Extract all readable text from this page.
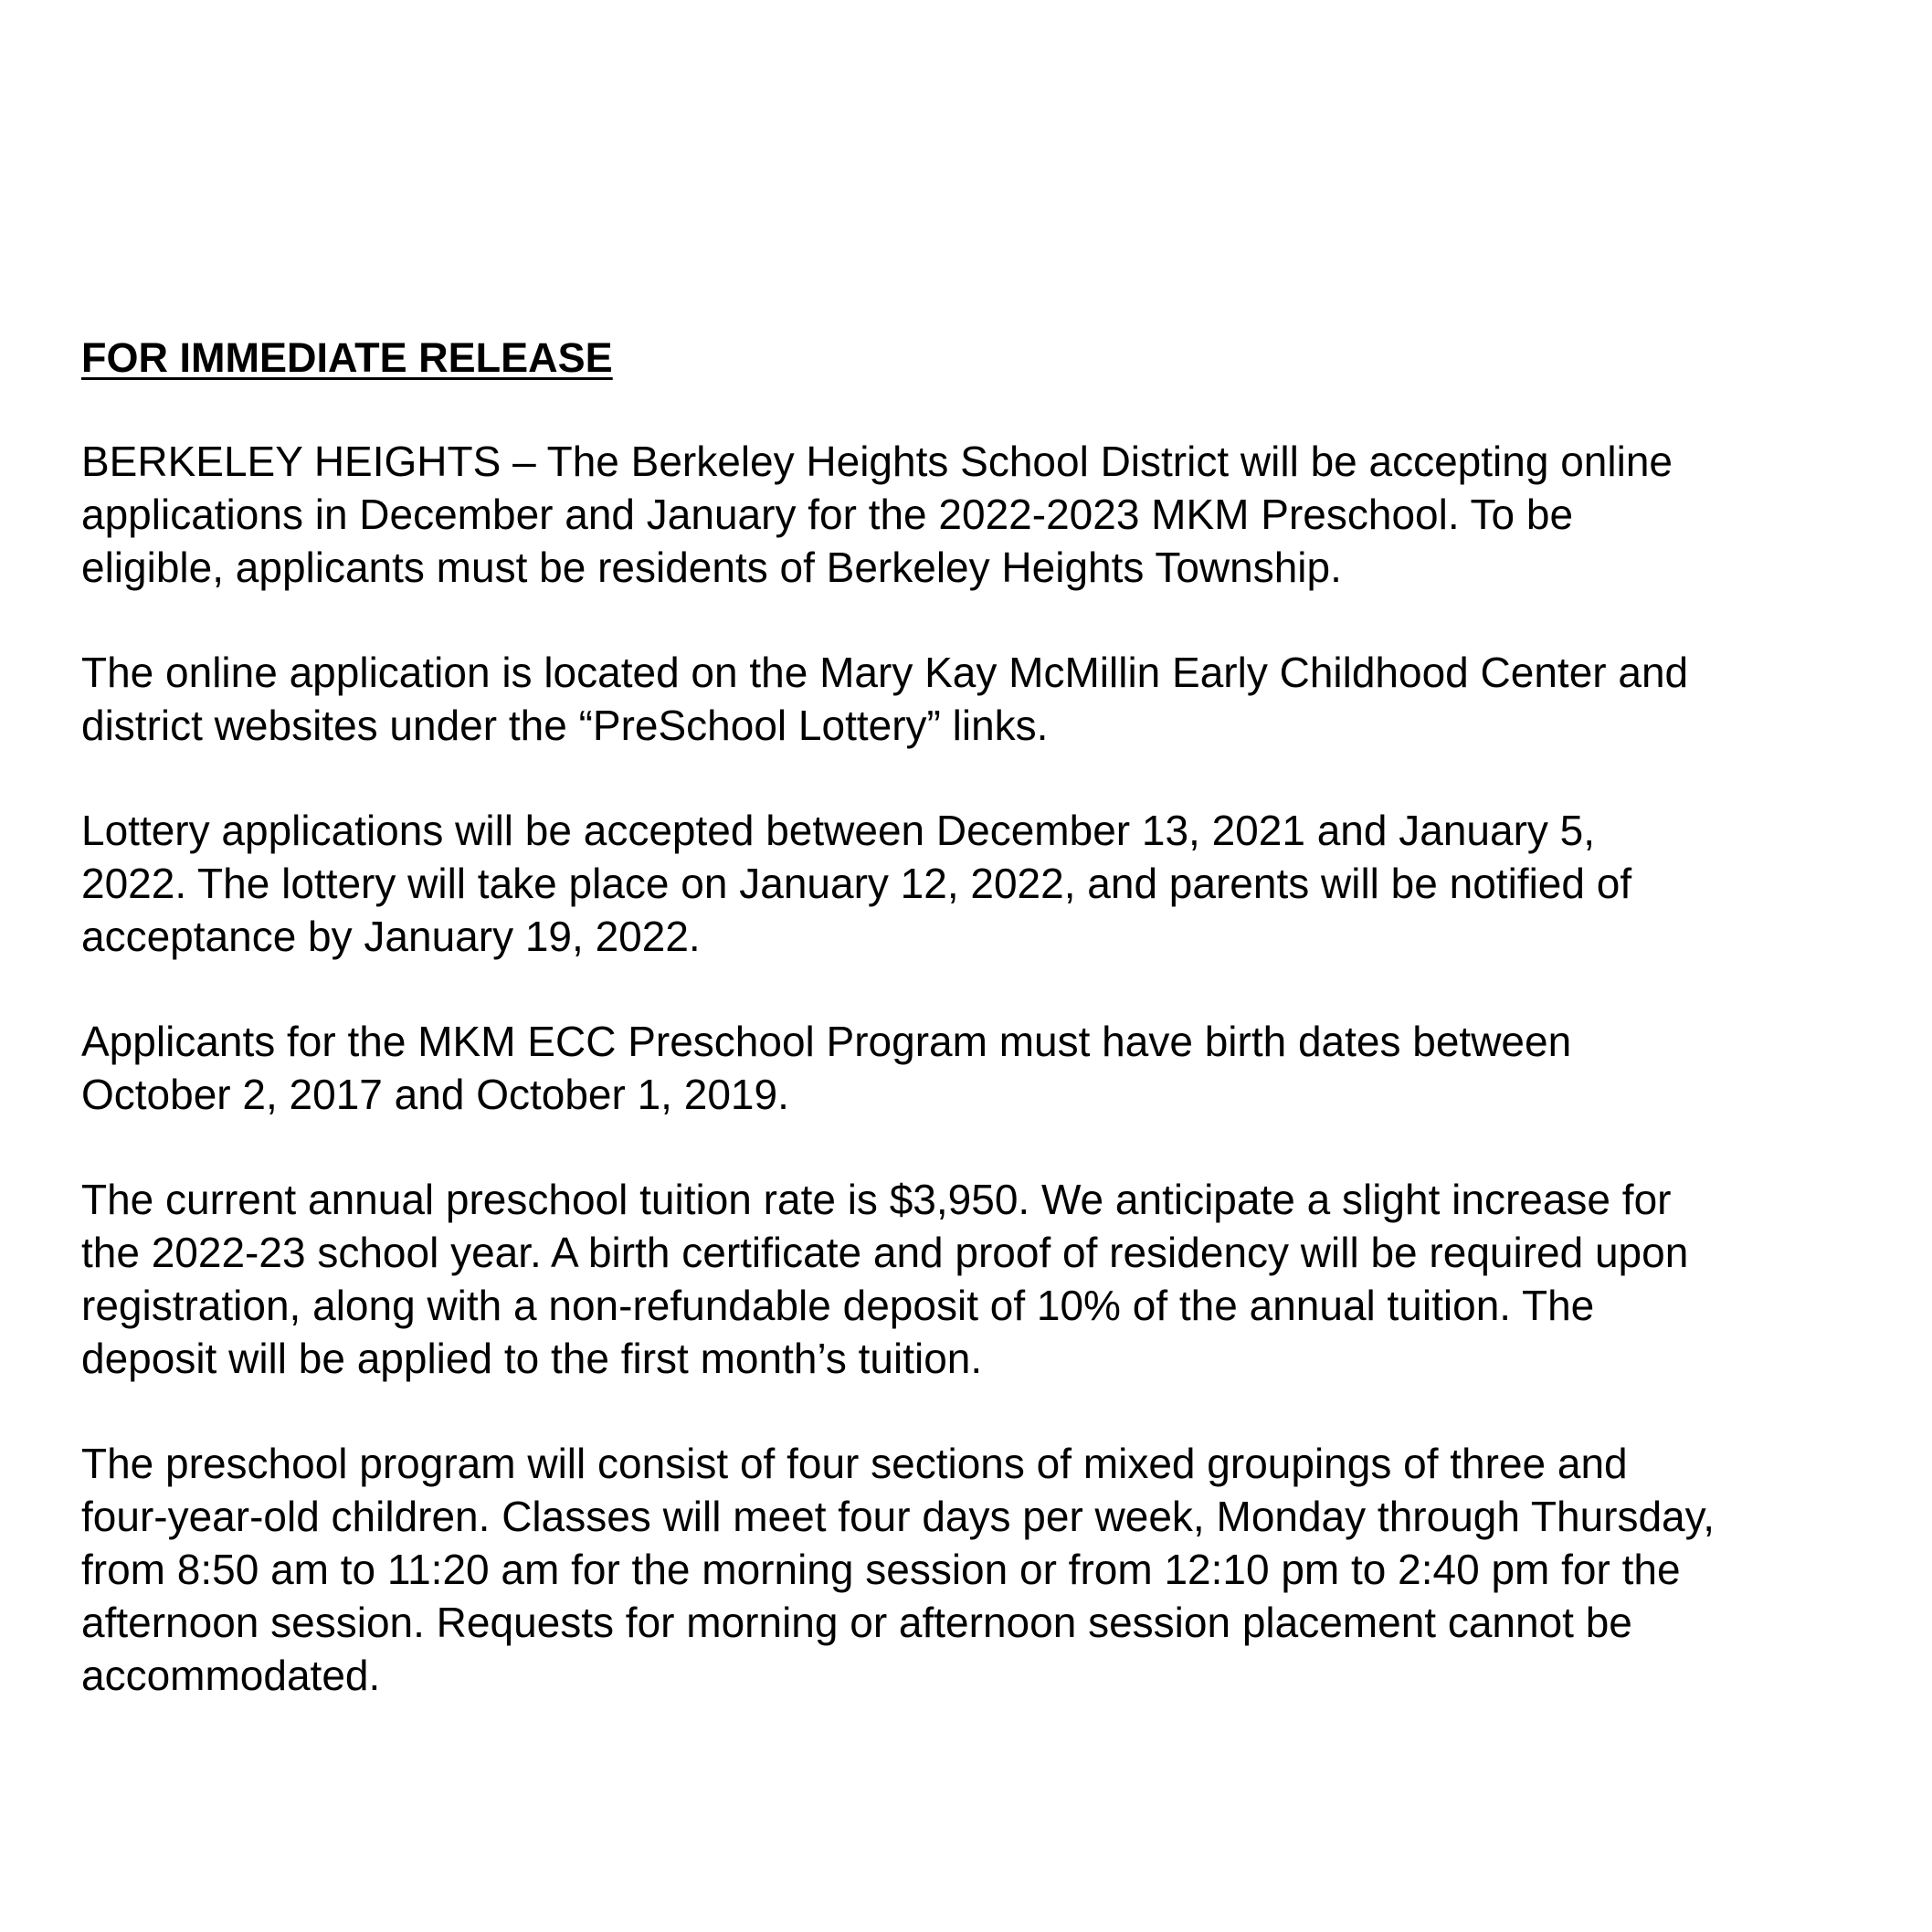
FOR IMMEDIATE RELEASE

BERKELEY HEIGHTS – The Berkeley Heights School District will be accepting online
applications in December and January for the 2022-2023 MKM Preschool. To be
eligible, applicants must be residents of Berkeley Heights Township.

The online application is located on the Mary Kay McMillin Early Childhood Center and
district websites under the “PreSchool Lottery” links.

Lottery applications will be accepted between December 13, 2021 and January 5,
2022. The lottery will take place on January 12, 2022, and parents will be notified of
acceptance by January 19, 2022.

Applicants for the MKM ECC Preschool Program must have birth dates between
October 2, 2017 and October 1, 2019.

The current annual preschool tuition rate is $3,950. We anticipate a slight increase for
the 2022-23 school year. A birth certificate and proof of residency will be required upon
registration, along with a non-refundable deposit of 10% of the annual tuition. The
deposit will be applied to the first month’s tuition.

The preschool program will consist of four sections of mixed groupings of three and
four-year-old children. Classes will meet four days per week, Monday through Thursday,
from 8:50 am to 11:20 am for the morning session or from 12:10 pm to 2:40 pm for the
afternoon session. Requests for morning or afternoon session placement cannot be
accommodated.
